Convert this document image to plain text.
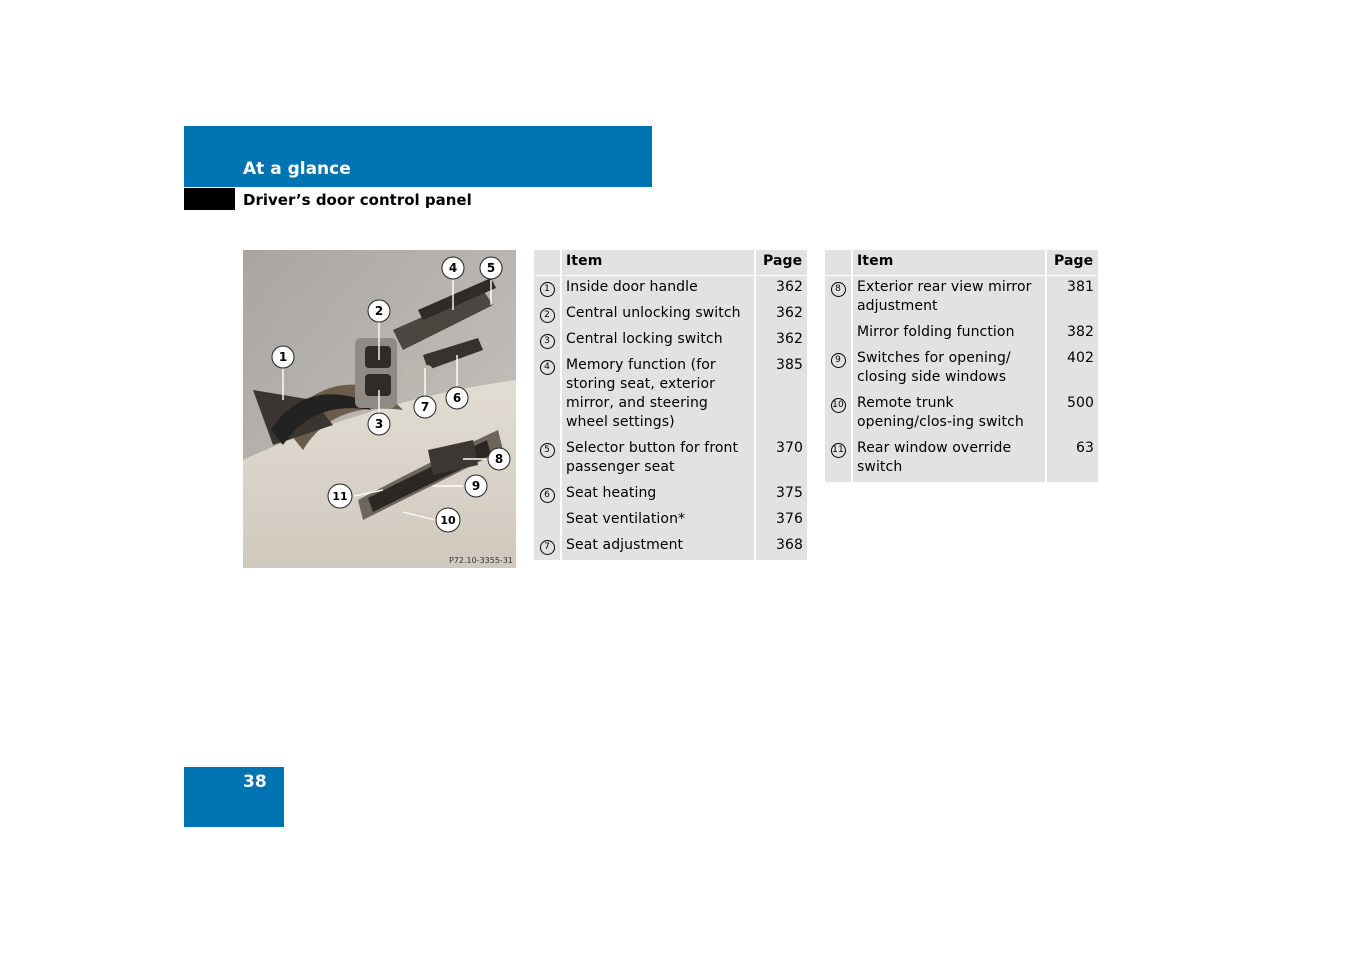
At a glance
Driver’s door control panel
P72.10-3355-31
1
2
3
4 5
6
7
8
9
11
10
	Item	Page
1	Inside door handle	362
2	Central unlocking switch	362
3	Central locking switch	362
4	Memory function (for storing seat, exterior mirror, and steering wheel settings)	385
5	Selector button for front passenger seat	370
6	Seat heating	375
	Seat ventilation*	376
7	Seat adjustment	368
	Item	Page
8	Exterior rear view mirror adjustment	381
	Mirror folding function	382
9	Switches for opening/ closing side windows	402
10	Remote trunk opening/clos-ing switch	500
11	Rear window override switch	63
38
